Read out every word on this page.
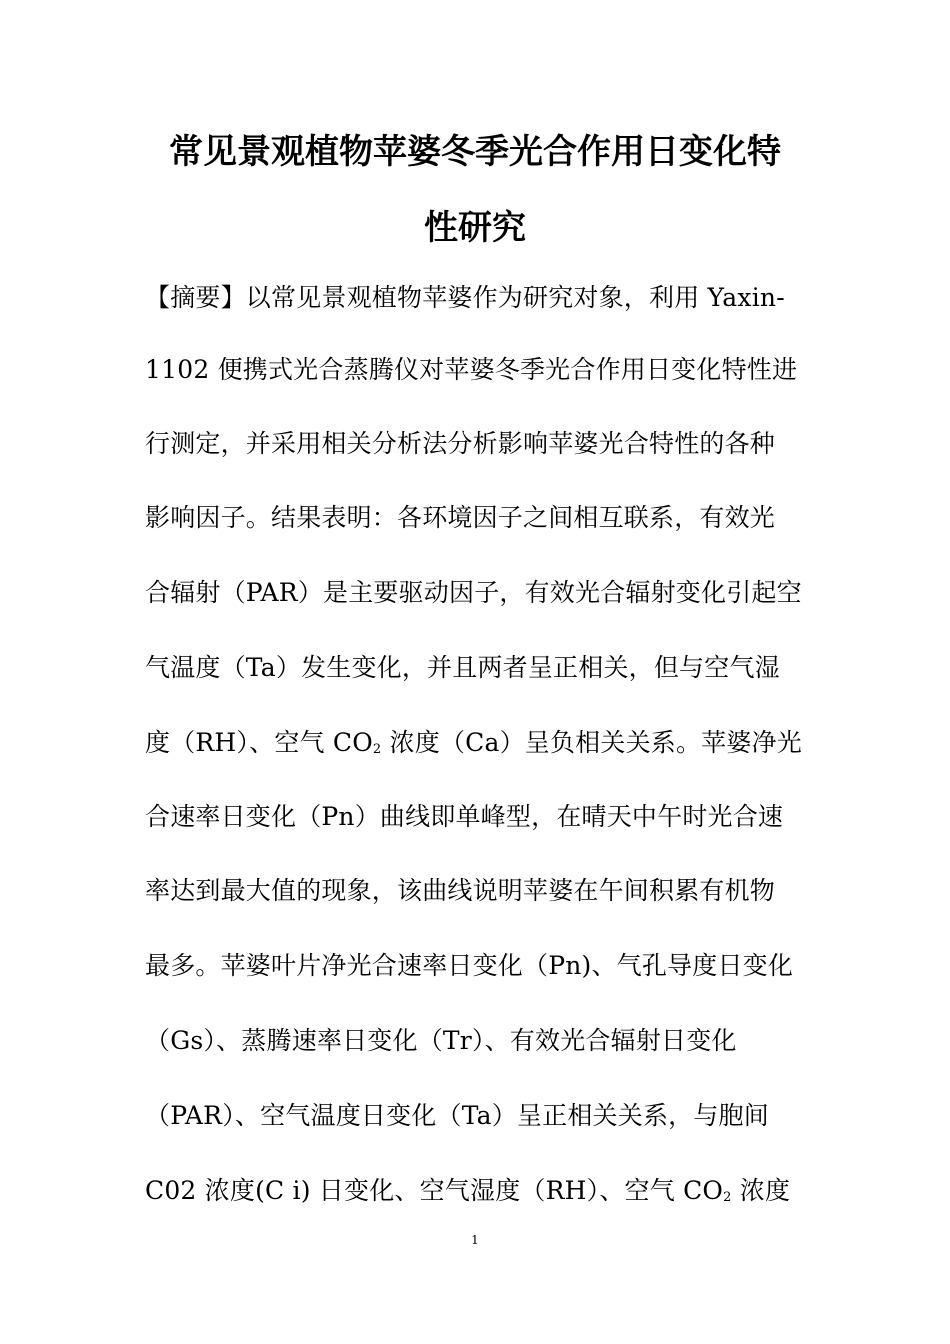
常见景观植物苹婆冬季光合作用日变化特
性研究
【摘要】以常见景观植物苹婆作为研究对象，利用 Yaxin-
1102 便携式光合蒸腾仪对苹婆冬季光合作用日变化特性进
行测定，并采用相关分析法分析影响苹婆光合特性的各种
影响因子。结果表明：各环境因子之间相互联系，有效光
合辐射（PAR）是主要驱动因子，有效光合辐射变化引起空
气温度（Ta）发生变化，并且两者呈正相关，但与空气湿
度（RH）、空气 $CO_2$ 浓度（Ca）呈负相关关系。苹婆净光
合速率日变化（Pn）曲线即单峰型，在晴天中午时光合速
率达到最大值的现象，该曲线说明苹婆在午间积累有机物
最多。苹婆叶片净光合速率日变化（Pn)、气孔导度日变化
（Gs）、蒸腾速率日变化（Tr）、有效光合辐射日变化
（PAR）、空气温度日变化（Ta）呈正相关关系，与胞间
C02 浓度(C i) 日变化、空气湿度（RH）、空气 $CO_2$ 浓度
1
